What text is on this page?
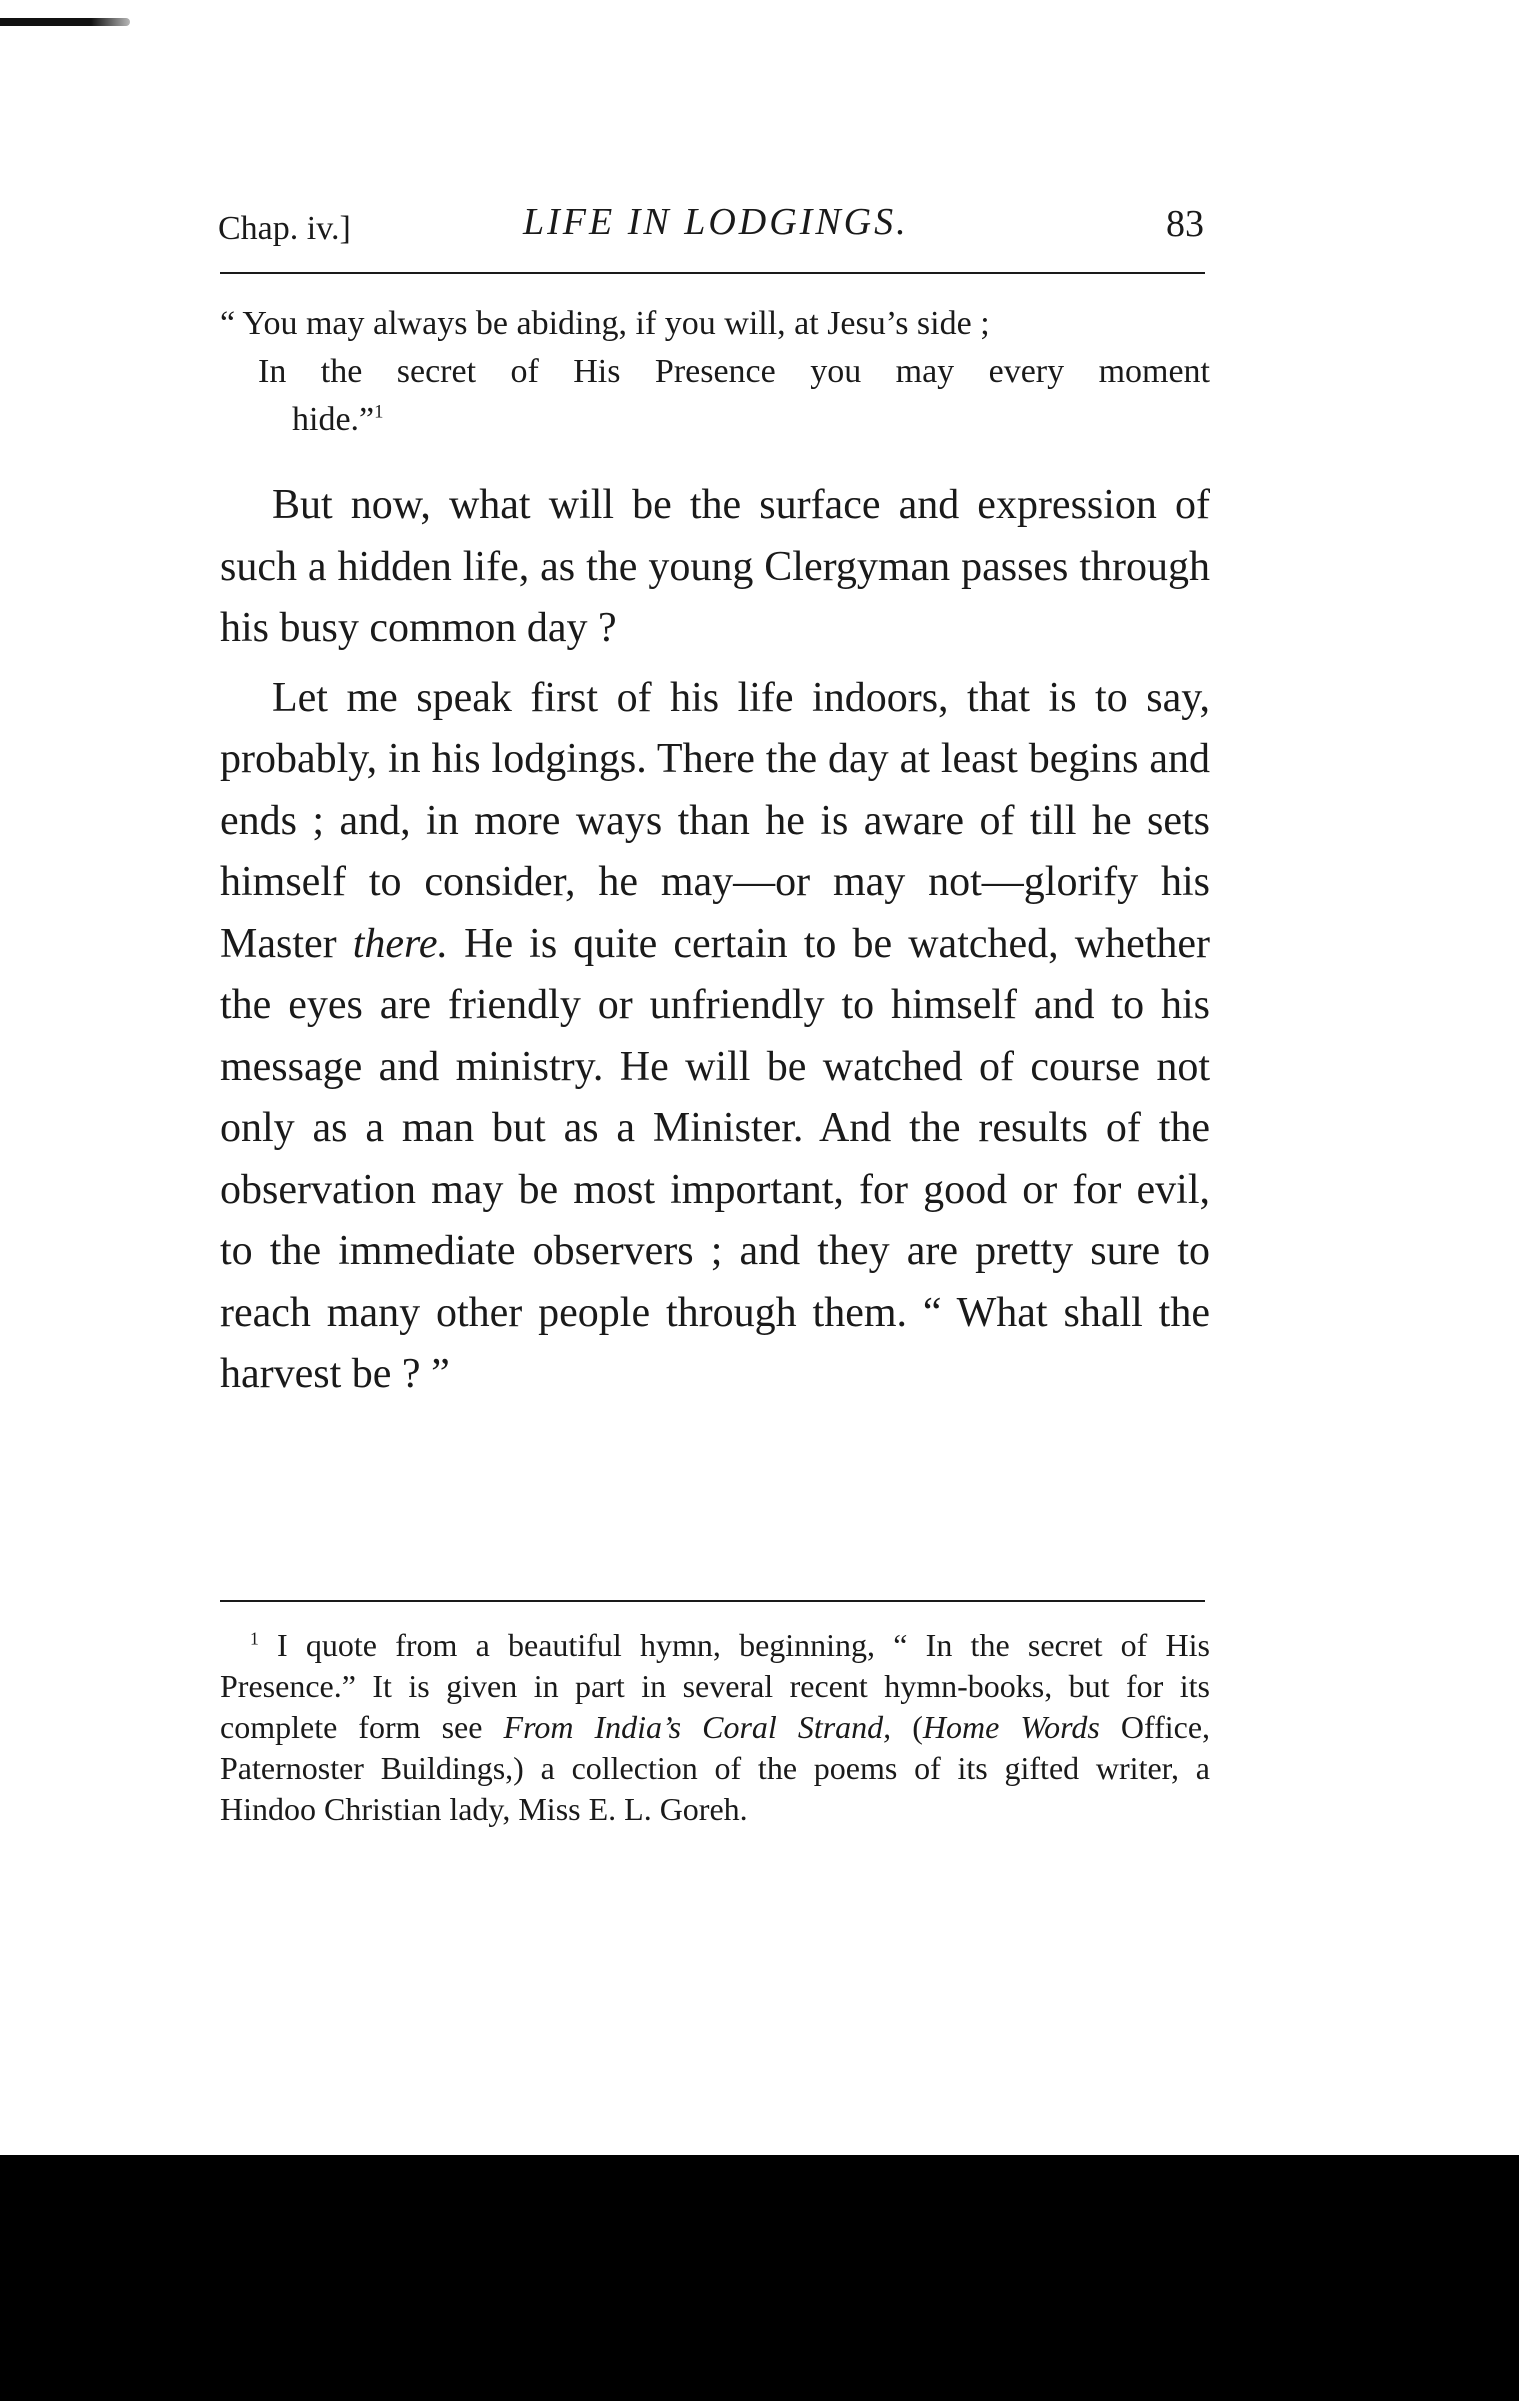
Chap. iv.]	LIFE IN LODGINGS.	83
“ You may always be abiding, if you will, at Jesu’s side ;
In the secret of His Presence you may every moment
hide.”$^1$

But now, what will be the surface and expression of such a hidden life, as the young Clergyman passes through his busy common day ?

Let me speak first of his life indoors, that is to say, probably, in his lodgings. There the day at least begins and ends ; and, in more ways than he is aware of till he sets himself to consider, he may—or may not—glorify his Master there. He is quite certain to be watched, whether the eyes are friendly or unfriendly to himself and to his message and ministry. He will be watched of course not only as a man but as a Minister. And the results of the observation may be most important, for good or for evil, to the immediate observers ; and they are pretty sure to reach many other people through them. “ What shall the harvest be ? ”

$^1$ I quote from a beautiful hymn, beginning, “ In the secret of His Presence.” It is given in part in several recent hymn-books, but for its complete form see From India’s Coral Strand, (Home Words Office, Paternoster Buildings,) a collection of the poems of its gifted writer, a Hindoo Christian lady, Miss E. L. Goreh.
